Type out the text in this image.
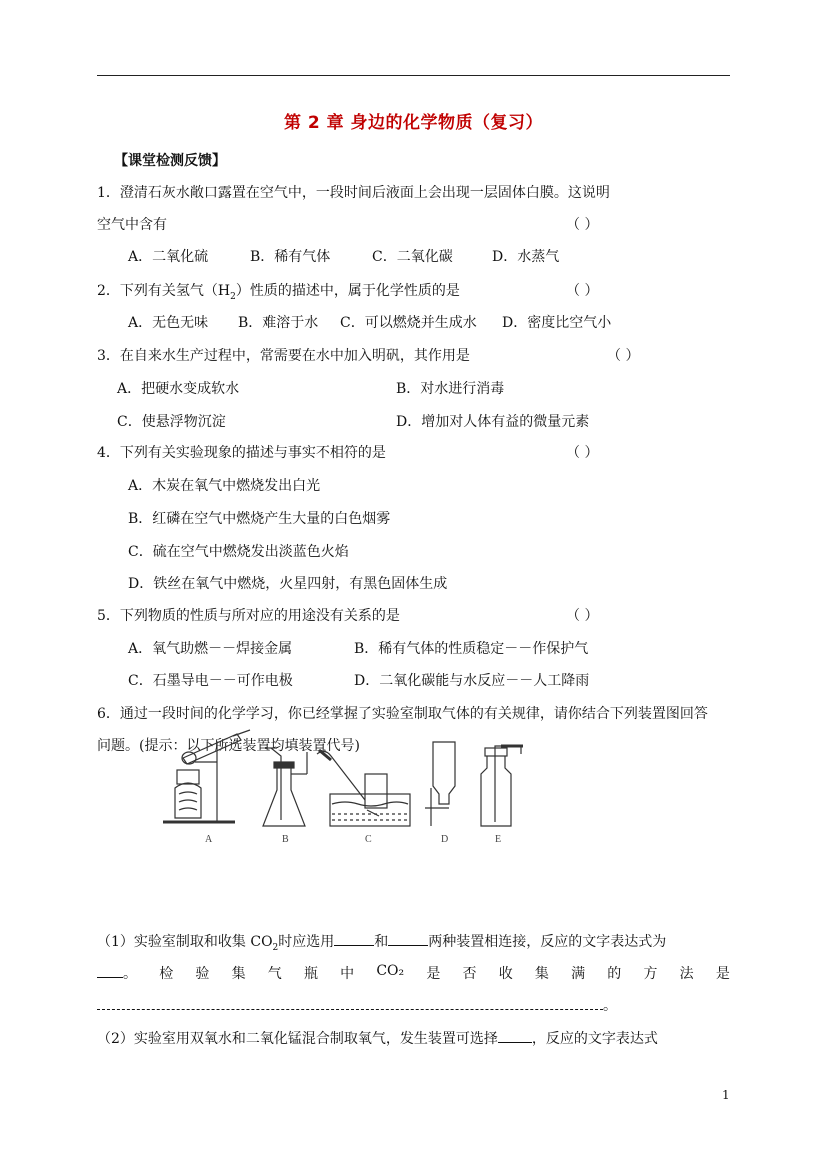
第 2 章 身边的化学物质（复习）
【课堂检测反馈】
1．澄清石灰水敞口露置在空气中，一段时间后液面上会出现一层固体白膜。这说明
空气中含有	（ ）
A．二氧化硫	B．稀有气体	C．二氧化碳	D．水蒸气
2．下列有关氢气$(H_2)$性质的描述中，属于化学性质的是	（ ）
A．无色无味 B．难溶于水 C．可以燃烧并生成水 D．密度比空气小
3．在自来水生产过程中，常需要在水中加入明矾，其作用是	（ ）
A．把硬水变成软水	B．对水进行消毒
C．使悬浮物沉淀	D．增加对人体有益的微量元素
4．下列有关实验现象的描述与事实不相符的是	（ ）
A．木炭在氧气中燃烧发出白光
B．红磷在空气中燃烧产生大量的白色烟雾
C．硫在空气中燃烧发出淡蓝色火焰
D．铁丝在氧气中燃烧，火星四射，有黑色固体生成
5．下列物质的性质与所对应的用途没有关系的是	（ ）
A．氧气助燃－－焊接金属	B．稀有气体的性质稳定－－作保护气
C．石墨导电－－可作电极	D．二氧化碳能与水反应－－人工降雨
6．通过一段时间的化学学习，你已经掌握了实验室制取气体的有关规律，请你结合下列装置图回答
问题。(提示：以下所选装置均填装置代号)
A	B	C	D	E
（1）实验室制取和收集 $CO_2$时应选用	和	两种装置相连接，反应的文字表达式为
。 检 验 集 气 瓶 中 CO₂ 是 否 收 集 满 的 方 法 是
。
（2）实验室用双氧水和二氧化锰混合制取氧气，发生装置可选择 ，反应的文字表达式
1
